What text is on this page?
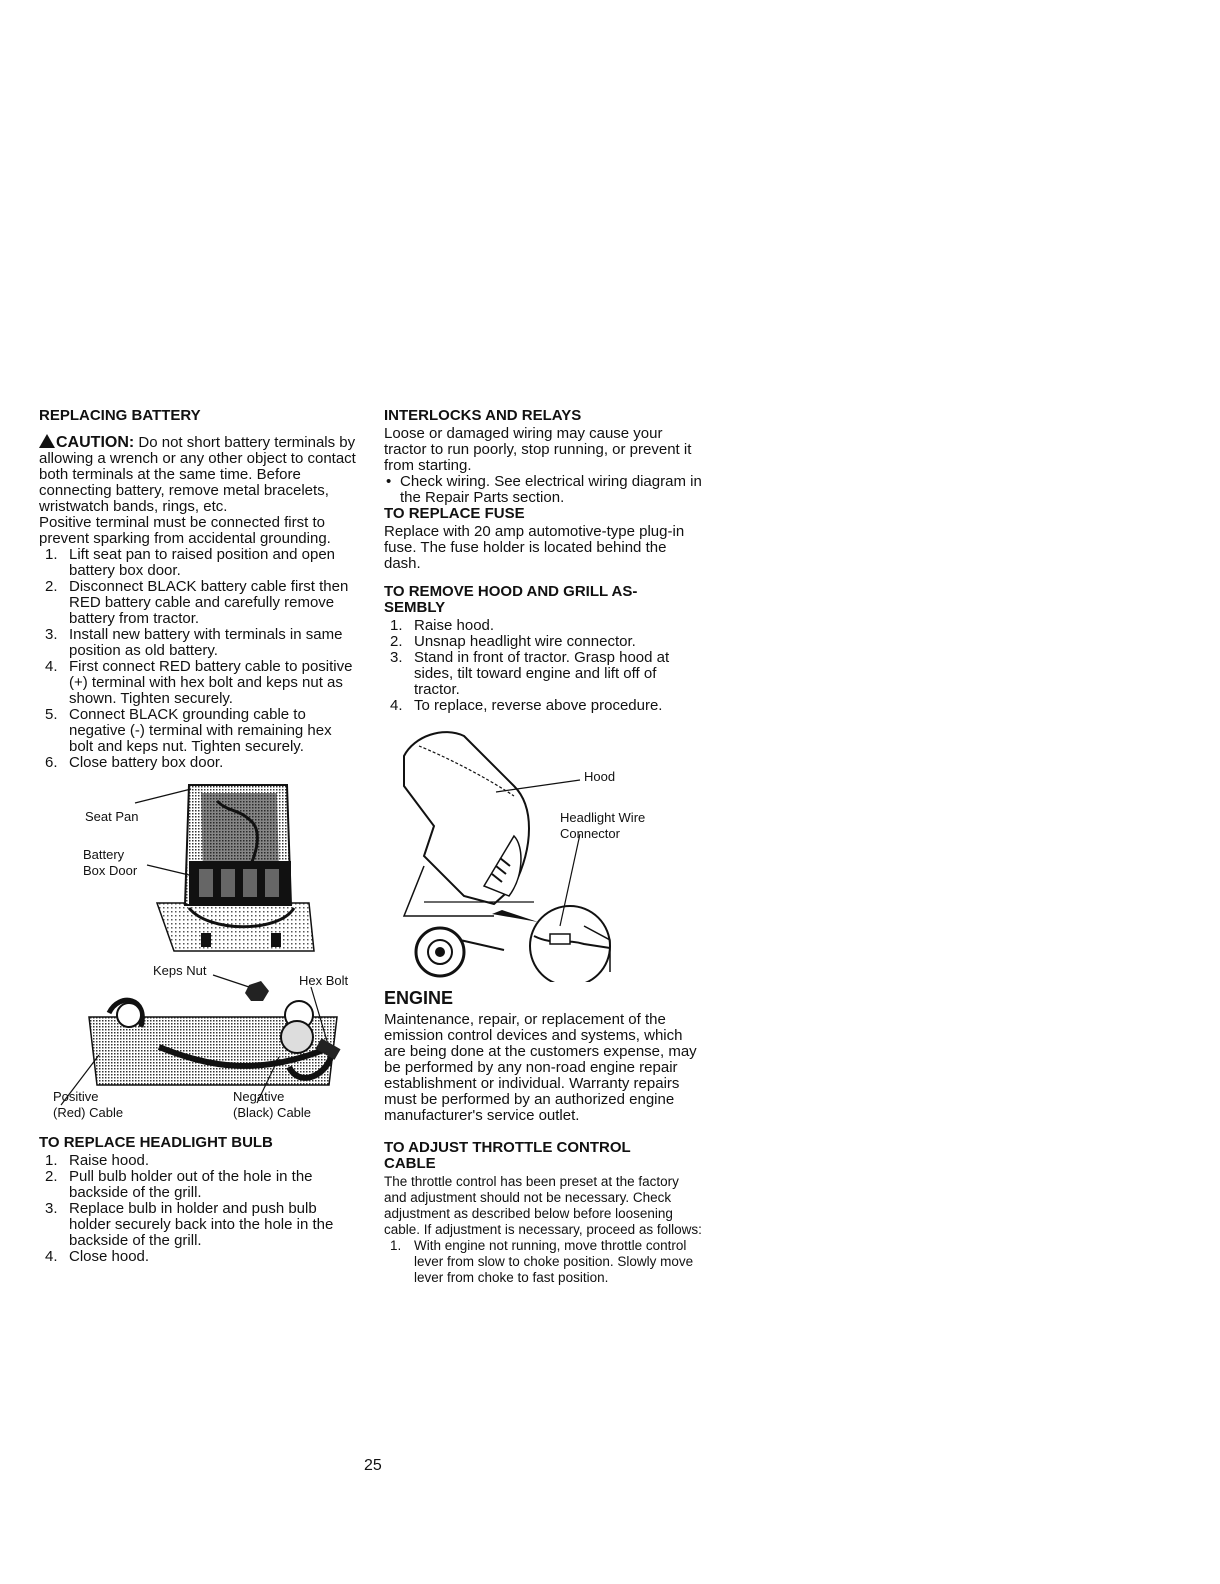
REPLACING BATTERY

CAUTION: Do not short battery terminals by allowing a wrench or any other object to contact both terminals at the same time. Before connecting battery, remove metal bracelets, wristwatch bands, rings, etc.

Positive terminal must be connected first to prevent sparking from accidental grounding.

1. Lift seat pan to raised position and open battery box door.
2. Disconnect BLACK battery cable first then RED battery cable and carefully remove battery from tractor.
3. Install new battery with terminals in same position as old battery.
4. First connect RED battery cable to positive (+) terminal with hex bolt and keps nut as shown. Tighten securely.
5. Connect BLACK grounding cable to negative (-) terminal with remaining hex bolt and keps nut. Tighten securely.
6. Close battery box door.
Seat Pan
Battery
Box Door
Keps Nut
Hex Bolt
Positive
(Red) Cable
Negative
(Black) Cable
TO REPLACE HEADLIGHT BULB
1. Raise hood.
2. Pull bulb holder out of the hole in the backside of the grill.
3. Replace bulb in holder and push bulb holder securely back into the hole in the backside of the grill.
4. Close hood.
INTERLOCKS AND RELAYS

Loose or damaged wiring may cause your tractor to run poorly, stop running, or prevent it from starting.

• Check wiring. See electrical wiring diagram in the Repair Parts section.
TO REPLACE FUSE

Replace with 20 amp automotive-type plug-in fuse. The fuse holder is located behind the dash.

TO REMOVE HOOD AND GRILL AS-
SEMBLY
1. Raise hood.
2. Unsnap headlight wire connector.
3. Stand in front of tractor. Grasp hood at sides, tilt toward engine and lift off of tractor.
4. To replace, reverse above procedure.
Hood
Headlight Wire
Connector
ENGINE

Maintenance, repair, or replacement of the emission control devices and systems, which are being done at the customers expense, may be performed by any non-road engine repair establishment or individual. Warranty repairs must be performed by an authorized engine manufacturer's service outlet.

TO ADJUST THROTTLE CONTROL
CABLE

The throttle control has been preset at the factory and adjustment should not be necessary. Check adjustment as described below before loosening cable. If adjustment is necessary, proceed as follows:

1. With engine not running, move throttle control lever from slow to choke position. Slowly move lever from choke to fast position.
25
